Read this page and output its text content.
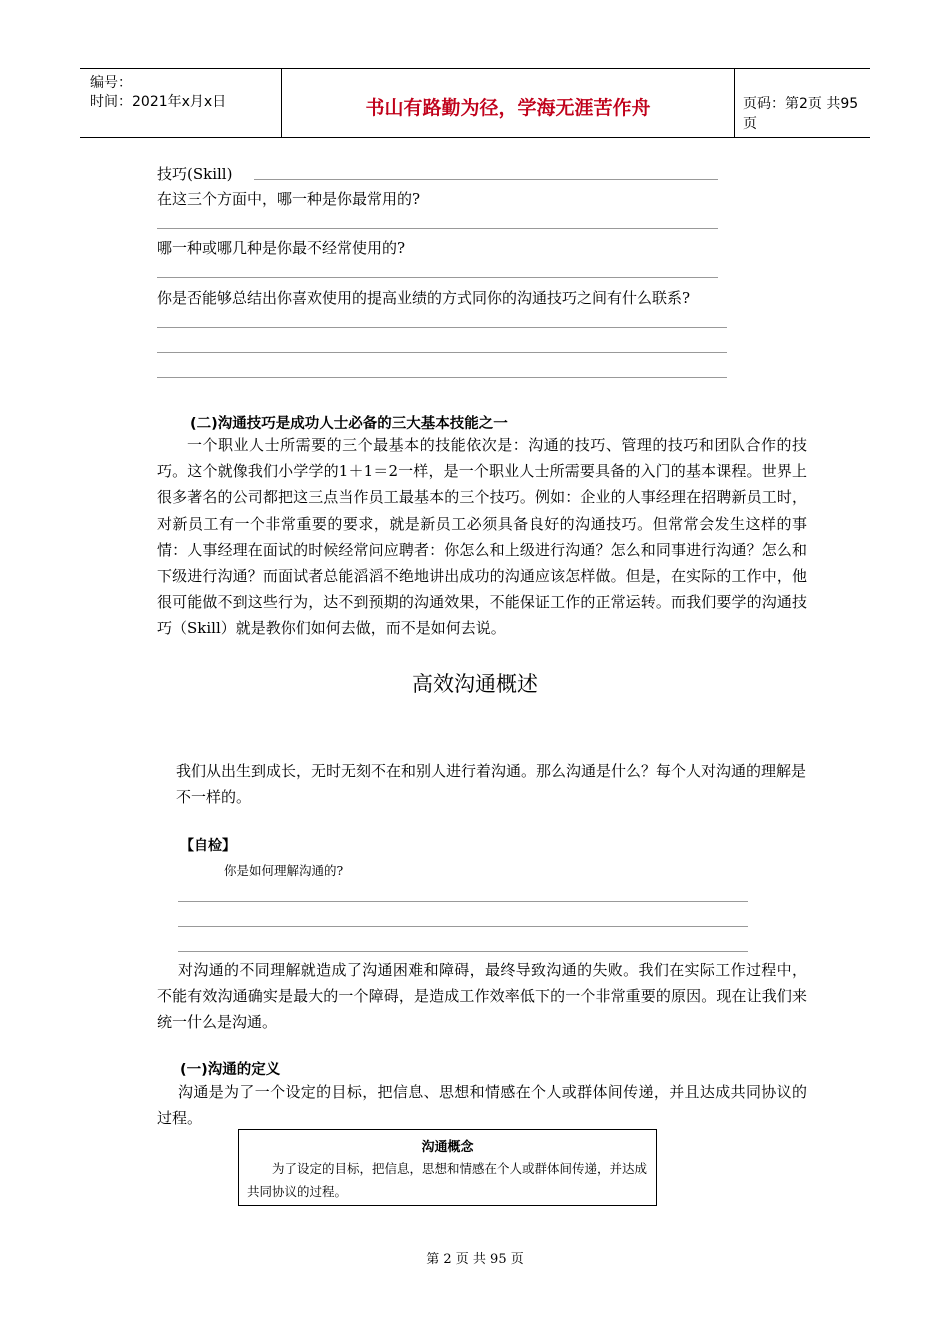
编号：
时间：2021年x月x日	书山有路勤为径，学海无涯苦作舟	页码：第2页 共95页
技巧(Skill)
在这三个方面中，哪一种是你最常用的?
哪一种或哪几种是你最不经常使用的?
你是否能够总结出你喜欢使用的提高业绩的方式同你的沟通技巧之间有什么联系?
(二)沟通技巧是成功人士必备的三大基本技能之一
一个职业人士所需要的三个最基本的技能依次是：沟通的技巧、管理的技巧和团队合作的技巧。这个就像我们小学学的1＋1＝2一样，是一个职业人士所需要具备的入门的基本课程。世界上很多著名的公司都把这三点当作员工最基本的三个技巧。例如：企业的人事经理在招聘新员工时，对新员工有一个非常重要的要求，就是新员工必须具备良好的沟通技巧。但常常会发生这样的事情：人事经理在面试的时候经常问应聘者：你怎么和上级进行沟通？怎么和同事进行沟通？怎么和下级进行沟通？而面试者总能滔滔不绝地讲出成功的沟通应该怎样做。但是，在实际的工作中，他很可能做不到这些行为，达不到预期的沟通效果，不能保证工作的正常运转。而我们要学的沟通技巧（Skill）就是教你们如何去做，而不是如何去说。
高效沟通概述
我们从出生到成长，无时无刻不在和别人进行着沟通。那么沟通是什么？每个人对沟通的理解是不一样的。
【自检】
你是如何理解沟通的?
对沟通的不同理解就造成了沟通困难和障碍，最终导致沟通的失败。我们在实际工作过程中，不能有效沟通确实是最大的一个障碍，是造成工作效率低下的一个非常重要的原因。现在让我们来统一什么是沟通。
(一)沟通的定义
沟通是为了一个设定的目标，把信息、思想和情感在个人或群体间传递，并且达成共同协议的过程。
沟通概念
为了设定的目标，把信息，思想和情感在个人或群体间传递，并达成共同协议的过程。
第 2 页 共 95 页
